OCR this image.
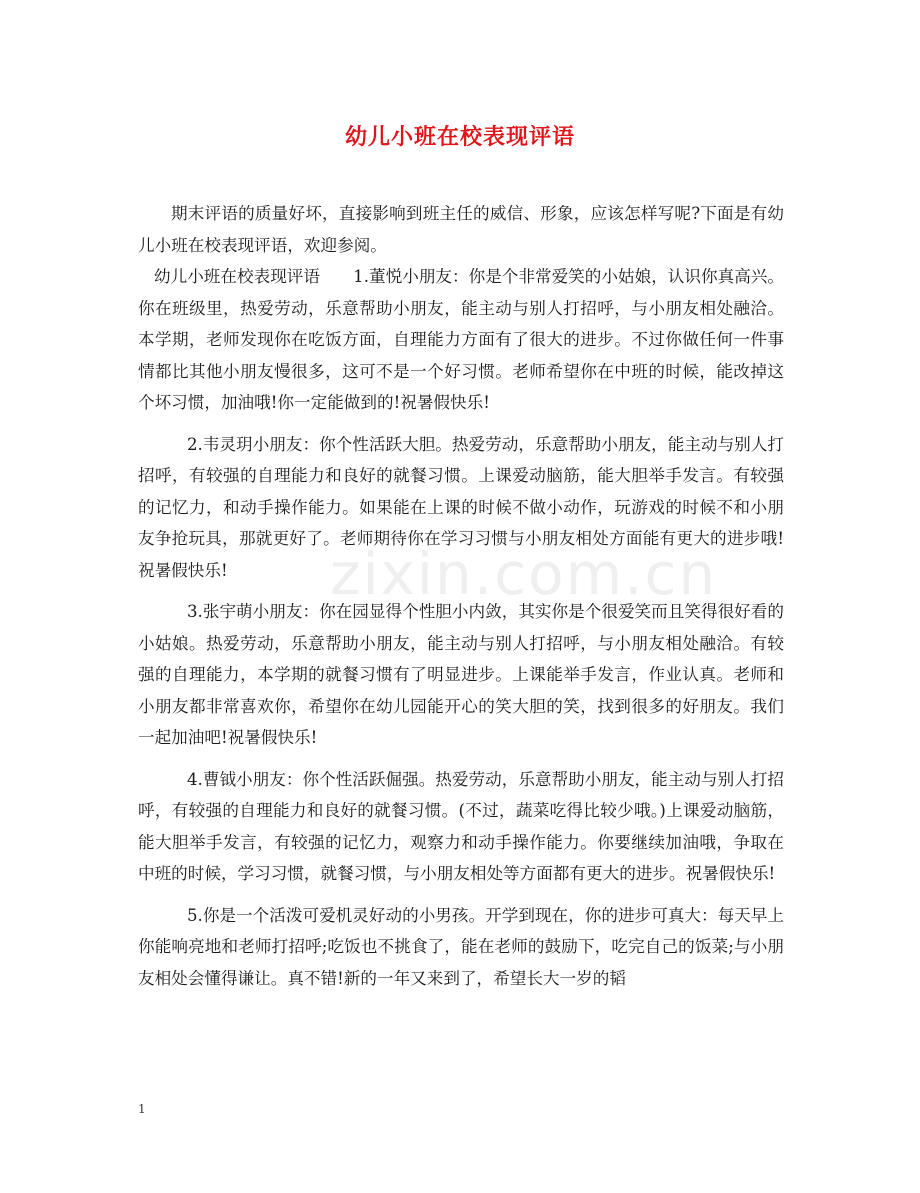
zixin.com.cn
幼儿小班在校表现评语

期末评语的质量好坏，直接影响到班主任的威信、形象，应该怎样写呢?下面是有幼儿小班在校表现评语，欢迎参阅。

幼儿小班在校表现评语　　1.董悦小朋友：你是个非常爱笑的小姑娘，认识你真高兴。你在班级里，热爱劳动，乐意帮助小朋友，能主动与别人打招呼，与小朋友相处融洽。本学期，老师发现你在吃饭方面，自理能力方面有了很大的进步。不过你做任何一件事情都比其他小朋友慢很多，这可不是一个好习惯。老师希望你在中班的时候，能改掉这个坏习惯，加油哦!你一定能做到的!祝暑假快乐!

2.韦灵玥小朋友：你个性活跃大胆。热爱劳动，乐意帮助小朋友，能主动与别人打招呼，有较强的自理能力和良好的就餐习惯。上课爱动脑筋，能大胆举手发言。有较强的记忆力，和动手操作能力。如果能在上课的时候不做小动作，玩游戏的时候不和小朋友争抢玩具，那就更好了。老师期待你在学习习惯与小朋友相处方面能有更大的进步哦!祝暑假快乐!

3.张宇萌小朋友：你在园显得个性胆小内敛，其实你是个很爱笑而且笑得很好看的小姑娘。热爱劳动，乐意帮助小朋友，能主动与别人打招呼，与小朋友相处融洽。有较强的自理能力，本学期的就餐习惯有了明显进步。上课能举手发言，作业认真。老师和小朋友都非常喜欢你，希望你在幼儿园能开心的笑大胆的笑，找到很多的好朋友。我们一起加油吧!祝暑假快乐!

4.曹钺小朋友：你个性活跃倔强。热爱劳动，乐意帮助小朋友，能主动与别人打招呼，有较强的自理能力和良好的就餐习惯。(不过，蔬菜吃得比较少哦。)上课爱动脑筋，能大胆举手发言，有较强的记忆力，观察力和动手操作能力。你要继续加油哦，争取在中班的时候，学习习惯，就餐习惯，与小朋友相处等方面都有更大的进步。祝暑假快乐!

5.你是一个活泼可爱机灵好动的小男孩。开学到现在，你的进步可真大：每天早上你能响亮地和老师打招呼;吃饭也不挑食了，能在老师的鼓励下，吃完自己的饭菜;与小朋友相处会懂得谦让。真不错!新的一年又来到了，希望长大一岁的韬

1
